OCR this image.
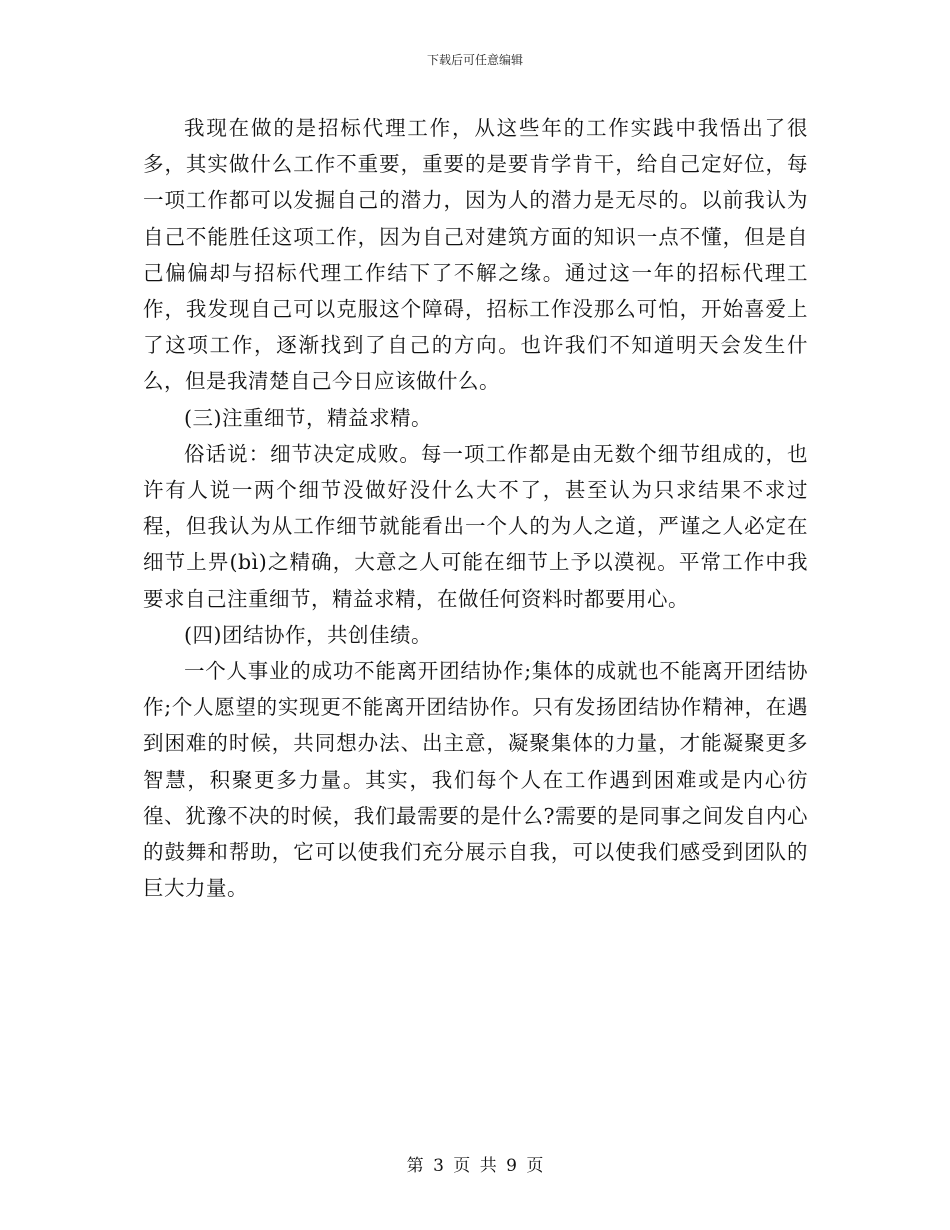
下载后可任意编辑

我现在做的是招标代理工作，从这些年的工作实践中我悟出了很多，其实做什么工作不重要，重要的是要肯学肯干，给自己定好位，每一项工作都可以发掘自己的潜力，因为人的潜力是无尽的。以前我认为自己不能胜任这项工作，因为自己对建筑方面的知识一点不懂，但是自己偏偏却与招标代理工作结下了不解之缘。通过这一年的招标代理工作，我发现自己可以克服这个障碍，招标工作没那么可怕，开始喜爱上了这项工作，逐渐找到了自己的方向。也许我们不知道明天会发生什么，但是我清楚自己今日应该做什么。

(三)注重细节，精益求精。

俗话说：细节决定成败。每一项工作都是由无数个细节组成的，也许有人说一两个细节没做好没什么大不了，甚至认为只求结果不求过程，但我认为从工作细节就能看出一个人的为人之道，严谨之人必定在细节上畀(bì)之精确，大意之人可能在细节上予以漠视。平常工作中我要求自己注重细节，精益求精，在做任何资料时都要用心。

(四)团结协作，共创佳绩。

一个人事业的成功不能离开团结协作;集体的成就也不能离开团结协作;个人愿望的实现更不能离开团结协作。只有发扬团结协作精神，在遇到困难的时候，共同想办法、出主意，凝聚集体的力量，才能凝聚更多智慧，积聚更多力量。其实，我们每个人在工作遇到困难或是内心彷徨、犹豫不决的时候，我们最需要的是什么?需要的是同事之间发自内心的鼓舞和帮助，它可以使我们充分展示自我，可以使我们感受到团队的巨大力量。

第 3 页 共 9 页
